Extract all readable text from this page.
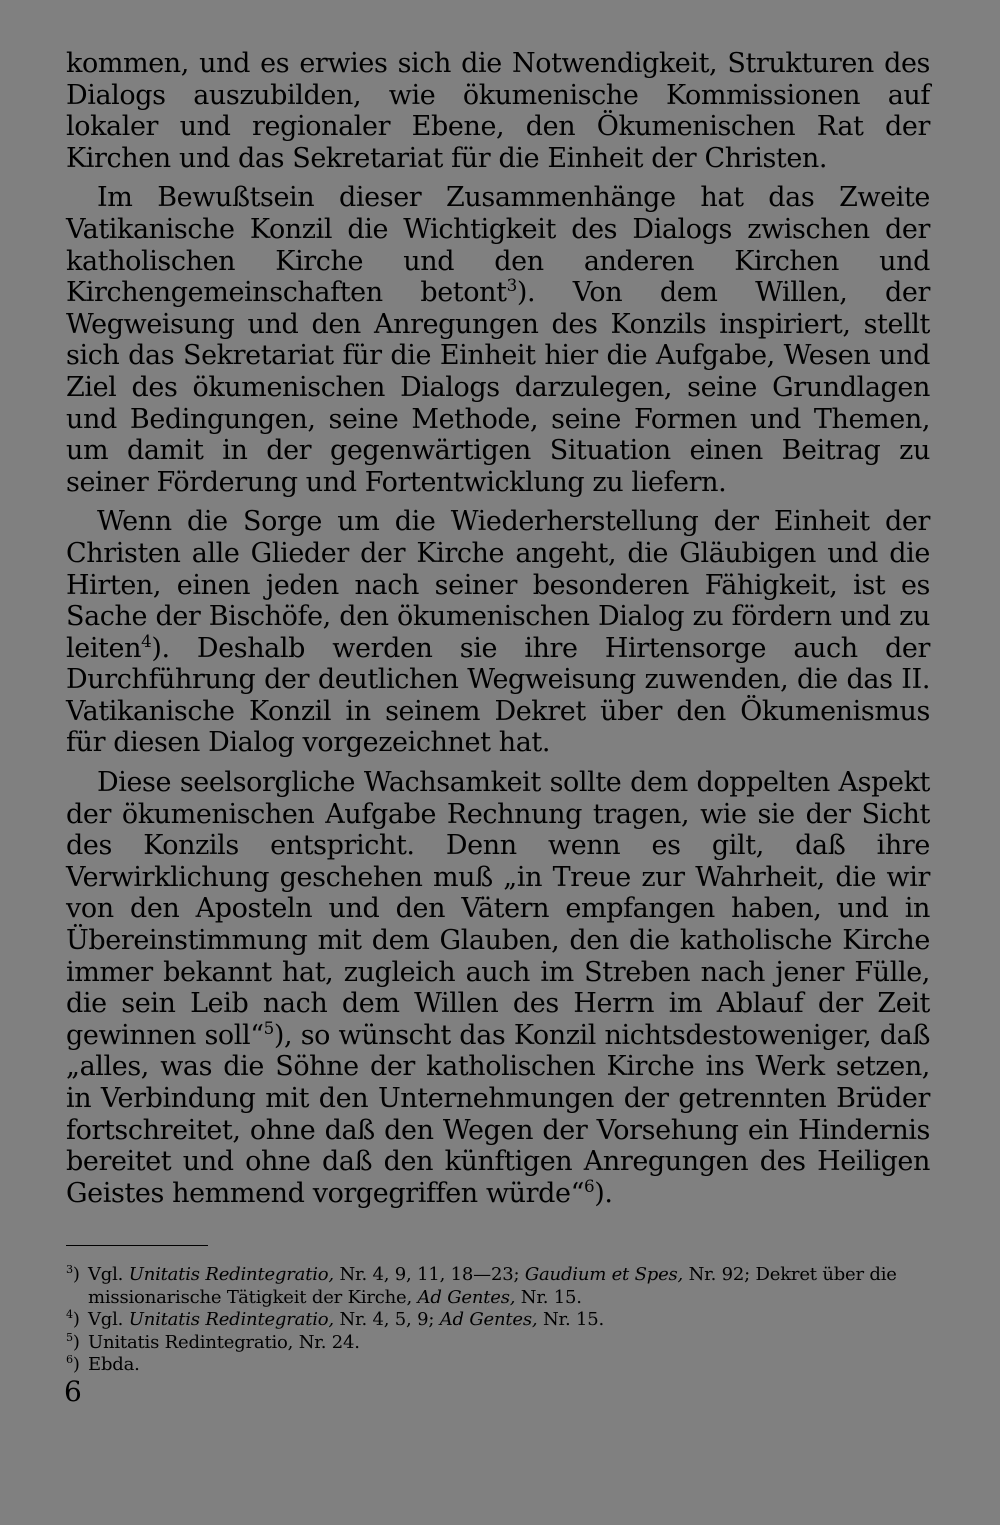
kommen, und es erwies sich die Notwendigkeit, Strukturen des Dialogs auszubilden, wie ökumenische Kommissionen auf lokaler und regionaler Ebene, den Ökumenischen Rat der Kirchen und das Sekretariat für die Einheit der Christen.

Im Bewußtsein dieser Zusammenhänge hat das Zweite Vatikanische Konzil die Wichtigkeit des Dialogs zwischen der katholischen Kirche und den anderen Kirchen und Kirchengemeinschaften betont$^3$). Von dem Willen, der Wegweisung und den Anregungen des Konzils inspiriert, stellt sich das Sekretariat für die Einheit hier die Aufgabe, Wesen und Ziel des ökumenischen Dialogs darzulegen, seine Grundlagen und Bedingungen, seine Methode, seine Formen und Themen, um damit in der gegenwärtigen Situation einen Beitrag zu seiner Förderung und Fortentwicklung zu liefern.

Wenn die Sorge um die Wiederherstellung der Einheit der Christen alle Glieder der Kirche angeht, die Gläubigen und die Hirten, einen jeden nach seiner besonderen Fähigkeit, ist es Sache der Bischöfe, den ökumenischen Dialog zu fördern und zu leiten$^4$). Deshalb werden sie ihre Hirtensorge auch der Durchführung der deutlichen Wegweisung zuwenden, die das II. Vatikanische Konzil in seinem Dekret über den Ökumenismus für diesen Dialog vorgezeichnet hat.

Diese seelsorgliche Wachsamkeit sollte dem doppelten Aspekt der ökumenischen Aufgabe Rechnung tragen, wie sie der Sicht des Konzils entspricht. Denn wenn es gilt, daß ihre Verwirklichung geschehen muß „in Treue zur Wahrheit, die wir von den Aposteln und den Vätern empfangen haben, und in Übereinstimmung mit dem Glauben, den die katholische Kirche immer bekannt hat, zugleich auch im Streben nach jener Fülle, die sein Leib nach dem Willen des Herrn im Ablauf der Zeit gewinnen soll“$^5$), so wünscht das Konzil nichtsdestoweniger, daß „alles, was die Söhne der katholischen Kirche ins Werk setzen, in Verbindung mit den Unternehmungen der getrennten Brüder fortschreitet, ohne daß den Wegen der Vorsehung ein Hindernis bereitet und ohne daß den künftigen Anregungen des Heiligen Geistes hemmend vorgegriffen würde“$^6$).

$^3$) Vgl. Unitatis Redintegratio, Nr. 4, 9, 11, 18—23; Gaudium et Spes, Nr. 92; Dekret über die missionarische Tätigkeit der Kirche, Ad Gentes, Nr. 15.
$^4$) Vgl. Unitatis Redintegratio, Nr. 4, 5, 9; Ad Gentes, Nr. 15.
$^5$) Unitatis Redintegratio, Nr. 24.
$^6$) Ebda.
6
